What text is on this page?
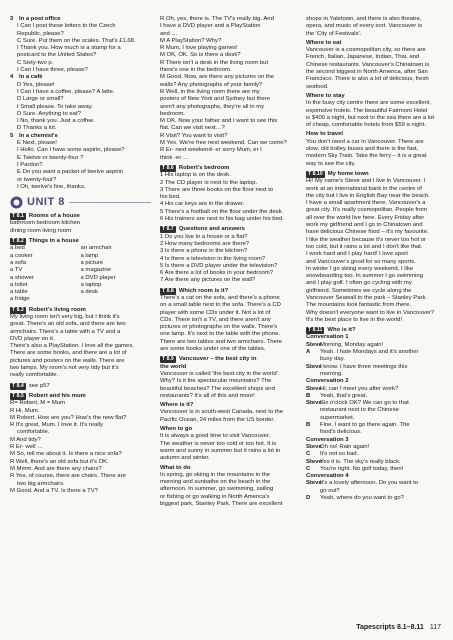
3 In a post office
I Can I post these letters to the Czech
Republic, please?
C Sure. Put them on the scales. That's £1.68.
I Thank you. How much is a stamp for a
postcard to the United States?
C Sixty-two p.
I Can I have three, please?
4 In a café
D Yes, please!
I Can I have a coffee, please? A latte.
D Large or small?
I Small please. To take away.
D Sure. Anything to eat?
I No, thank you. Just a coffee.
D Thanks a lot.
5 In a chemist's
E Next, please!
I Hello. Can I have some aspirin, please?
E Twelve or twenty-four ?
I Pardon?
E Do you want a packet of twelve aspirin
or twenty-four?
I Oh, twelve's fine, thanks.
UNIT 8
T 8.1 Rooms of a house
bathroom bedroom kitchen
dining room living room
T 8.2 Things in a house
a bed
a cooker
a sofa
a TV
a shower
a toilet
a table
a fridge
an armchair
a lamp
a picture
a magazine
a DVD player
a laptop
a desk
T 8.3 Robert's living room
My living room isn't very big, but I think it's
great. There's an old sofa, and there are two
armchairs. There's a table with a TV and a
DVD player on it.
There's also a PlayStation. I love all the games.
There are some books, and there are a lot of
pictures and posters on the walls. There are
two lamps. My room's not very tidy but it's
really comfortable.
T 8.4 see p57
T 8.5 Robert and his mum
R= Robert, M = Mum
R Hi, Mum.
M Robert. How are you? How's the new flat?
R It's great, Mum. I love it. It's really
comfortable.
M And tidy?
R Er- well …
M So, tell me about it. Is there a nice sofa?
R Well, there's an old sofa but it's OK.
M Mmm. And are there any chairs?
R Yes, of course, there are chairs. There are
two big armchairs.
M Good. And a TV. Is there a TV?
R Oh, yes, there is. The TV's really big. And
I have a DVD player and a PlayStation
and …
M A PlayStation? Why?
R Mum, I love playing games!
M OK, OK. So is there a desk?
R There isn't a desk in the living room but
there's one in the bedroom.
M Good. Now, are there any pictures on the
walls? Any photographs of your family?
R Well, in the living room there are my
posters of New York and Sydney but there
aren't any photographs, they're all in my
bedroom.
M OK. Now your father and I want to see this
flat. Can we visit next…?
R Visit? You want to visit?
M Yes. We're free next weekend. Can we come?
R Er- next weekend- er sorry Mum, er I
think -er …
T 8.6 Robert's bedroom
1 His laptop is on the desk.
2 The CD player is next to the laptop.
3 There are three books on the floor next to
his bed.
4 His car keys are in the drawer.
5 There's a football on the floor under the desk.
6 His trainers are next to his bag under his bed.
T 8.7 Questions and answers
1 Do you live in a house or a flat?
2 How many bedrooms are there?
3 Is there a phone in the kitchen?
4 Is there a television in the living room?
5 Is there a DVD player under the television?
6 Are there a lot of books in your bedroom?
7 Are there any pictures on the wall?
T 8.8 Which room is it?
There's a cat on the sofa, and there's a phone
on a small table next to the sofa. There's a CD
player with some CDs under it. Not a lot of
CDs. There isn't a TV, and there aren't any
pictures or photographs on the walls. There's
one lamp. It's next to the table with the phone.
There are two tables and two armchairs. There
are some books under one of the tables.
T 8.9 Vancouver – the best city in
the world
Vancouver is called 'the best city in the world'.
Why? Is it the spectacular mountains? The
beautiful beaches? The excellent shops and
restaurants? It's all of this and more!
Where is it?
Vancouver is in south-west Canada, next to the
Pacific Ocean, 24 miles from the US border.
When to go
It is always a good time to visit Vancouver.
The weather is never too cold or too hot. It is
warm and sunny in summer but it rains a lot in
autumn and winter.
What to do
In spring, go skiing in the mountains in the
morning and sunbathe on the beach in the
afternoon. In summer, go swimming, sailing
or fishing or go walking in North America's
biggest park, Stanley Park. There are excellent
shops in Yaletown, and there is also theatre,
opera, and music of every sort. Vancouver is
the 'City of Festivals'.
Where to eat
Vancouver is a cosmopolitan city, so there are
French, Italian, Japanese, Indian, Thai, and
Chinese restaurants. Vancouver's Chinatown is
the second biggest in North America, after San
Francisco. There is also a lot of delicious, fresh
seafood.
Where to stay
In the busy city centre there are some excellent,
expensive hotels. The beautiful Fairmont Hotel
is $400 a night, but next to the sea there are a lot
of cheap, comfortable hotels from $59 a night.
How to travel
You don't need a car in Vancouver. There are
slow, old trolley buses and there is the fast,
modern Sky Train. Take the ferry – it is a great
way to see the city.
T 8.10 My home town
Hi! My name's Steve and I live in Vancouver. I
work at an international bank in the centre of
the city but I live in English Bay near the beach.
I have a small apartment there. Vancouver's a
great city. It's really cosmopolitan. People from
all over the world live here. Every Friday after
work my girlfriend and I go to Chinatown and
have delicious Chinese food – it's my favourite.
I like the weather because it's never too hot or
too cold, but it rains a lot and I don't like that.
I work hard and I play hard! I love sport
and Vancouver's good for so many sports.
In winter I go skiing every weekend, I like
snowboarding too. In summer I go swimming
and I play golf. I often go cycling with my
girlfriend. Sometimes we cycle along the
Vancouver Seawall to the park – Stanley Park.
The mountains look fantastic from there.
Why doesn't everyone want to live in Vancouver?
It's the best place to live in the world!
T 8.11 Who is it?
Conversation 1
SteveMorning, Monday again!
A Yeah. I hate Mondays and it's another
busy day.
SteveI know. I have three meetings this
morning.
Conversation 2
SteveHi, can I meet you after work?
B Yeah, that's great.
SteveSix o'clock OK? We can go to that
restaurant next to the Chinese
supermarket.
B Fine. I want to go there again. The
food's delicious.
Conversation 3
SteveOh no! Rain again!
C It's not so bad.
SteveYes it is. The sky's really black.
C You're right. No golf today, then!
Conversation 4
SteveIt's a lovely afternoon. Do you want to
go out?
D Yeah, where do you want to go?
Tapescripts 8.1–8.11 117
